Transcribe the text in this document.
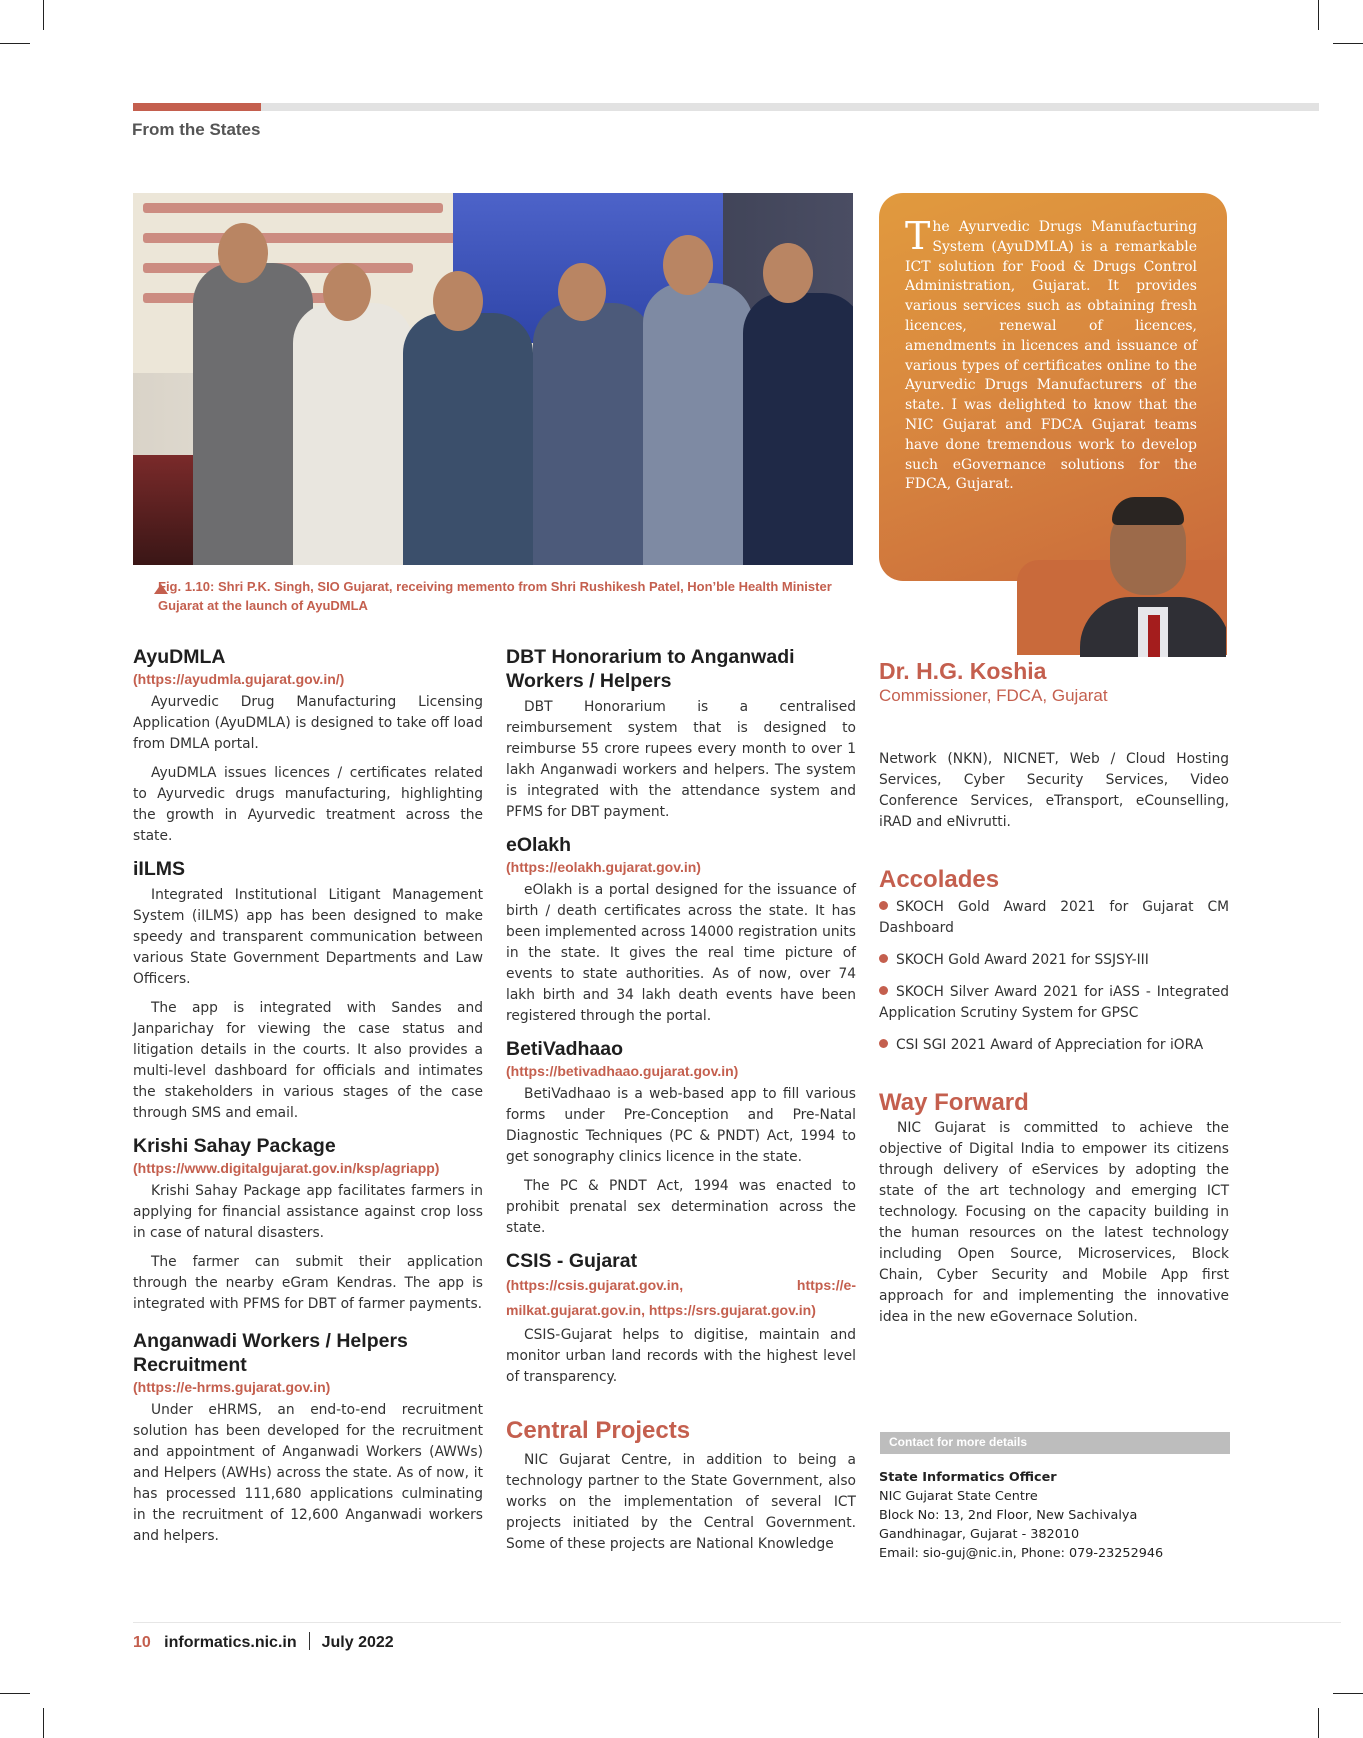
From the States
Fig. 1.10: Shri P.K. Singh, SIO Gujarat, receiving memento from Shri Rushikesh Patel, Hon’ble Health Minister Gujarat at the launch of AyuDMLA
T he Ayurvedic Drugs Manufacturing System (AyuDMLA) is a remarkable ICT solution for Food & Drugs Control Administration, Gujarat. It provides various services such as obtaining fresh licences, renewal of licences, amendments in licences and issuance of various types of certificates online to the Ayurvedic Drugs Manufacturers of the state. I was delighted to know that the NIC Gujarat and FDCA Gujarat teams have done tremendous work to develop such eGovernance solutions for the FDCA, Gujarat.
Dr. H.G. Koshia
Commissioner, FDCA, Gujarat
AyuDMLA
(https://ayudmla.gujarat.gov.in/)

Ayurvedic Drug Manufacturing Licensing Application (AyuDMLA) is designed to take off load from DMLA portal.

AyuDMLA issues licences / certificates related to Ayurvedic drugs manufacturing, highlighting the growth in Ayurvedic treatment across the state.

iILMS

Integrated Institutional Litigant Management System (iILMS) app has been designed to make speedy and transparent communication between various State Government Departments and Law Officers.

The app is integrated with Sandes and Janparichay for viewing the case status and litigation details in the courts. It also provides a multi-level dashboard for officials and intimates the stakeholders in various stages of the case through SMS and email.

Krishi Sahay Package
(https://www.digitalgujarat.gov.in/ksp/agriapp)

Krishi Sahay Package app facilitates farmers in applying for financial assistance against crop loss in case of natural disasters.

The farmer can submit their application through the nearby eGram Kendras. The app is integrated with PFMS for DBT of farmer payments.

Anganwadi Workers / Helpers Recruitment
(https://e-hrms.gujarat.gov.in)

Under eHRMS, an end-to-end recruitment solution has been developed for the recruitment and appointment of Anganwadi Workers (AWWs) and Helpers (AWHs) across the state. As of now, it has processed 111,680 applications culminating in the recruitment of 12,600 Anganwadi workers and helpers.

DBT Honorarium to Anganwadi Workers / Helpers

DBT Honorarium is a centralised reimbursement system that is designed to reimburse 55 crore rupees every month to over 1 lakh Anganwadi workers and helpers. The system is integrated with the attendance system and PFMS for DBT payment.

eOlakh
(https://eolakh.gujarat.gov.in)

eOlakh is a portal designed for the issuance of birth / death certificates across the state. It has been implemented across 14000 registration units in the state. It gives the real time picture of events to state authorities. As of now, over 74 lakh birth and 34 lakh death events have been registered through the portal.

BetiVadhaao
(https://betivadhaao.gujarat.gov.in)

BetiVadhaao is a web-based app to fill various forms under Pre-Conception and Pre-Natal Diagnostic Techniques (PC & PNDT) Act, 1994 to get sonography clinics licence in the state.

The PC & PNDT Act, 1994 was enacted to prohibit prenatal sex determination across the state.

CSIS - Gujarat
(https://csis.gujarat.gov.in, https://e-milkat.gujarat.gov.in, https://srs.gujarat.gov.in)

CSIS-Gujarat helps to digitise, maintain and monitor urban land records with the highest level of transparency.

Central Projects

NIC Gujarat Centre, in addition to being a technology partner to the State Government, also works on the implementation of several ICT projects initiated by the Central Government. Some of these projects are National Knowledge

Network (NKN), NICNET, Web / Cloud Hosting Services, Cyber Security Services, Video Conference Services, eTransport, eCounselling, iRAD and eNivrutti.

Accolades
SKOCH Gold Award 2021 for Gujarat CM Dashboard
SKOCH Gold Award 2021 for SSJSY-III
SKOCH Silver Award 2021 for iASS - Integrated Application Scrutiny System for GPSC
CSI SGI 2021 Award of Appreciation for iORA
Way Forward

NIC Gujarat is committed to achieve the objective of Digital India to empower its citizens through delivery of eServices by adopting the state of the art technology and emerging ICT technology. Focusing on the capacity building in the human resources on the latest technology including Open Source, Microservices, Block Chain, Cyber Security and Mobile App first approach for and implementing the innovative idea in the new eGovernace Solution.

Contact for more details
State Informatics Officer
NIC Gujarat State Centre
Block No: 13, 2nd Floor, New Sachivalya
Gandhinagar, Gujarat - 382010
Email: sio-guj@nic.in, Phone: 079-23252946
10 informatics.nic.in July 2022
